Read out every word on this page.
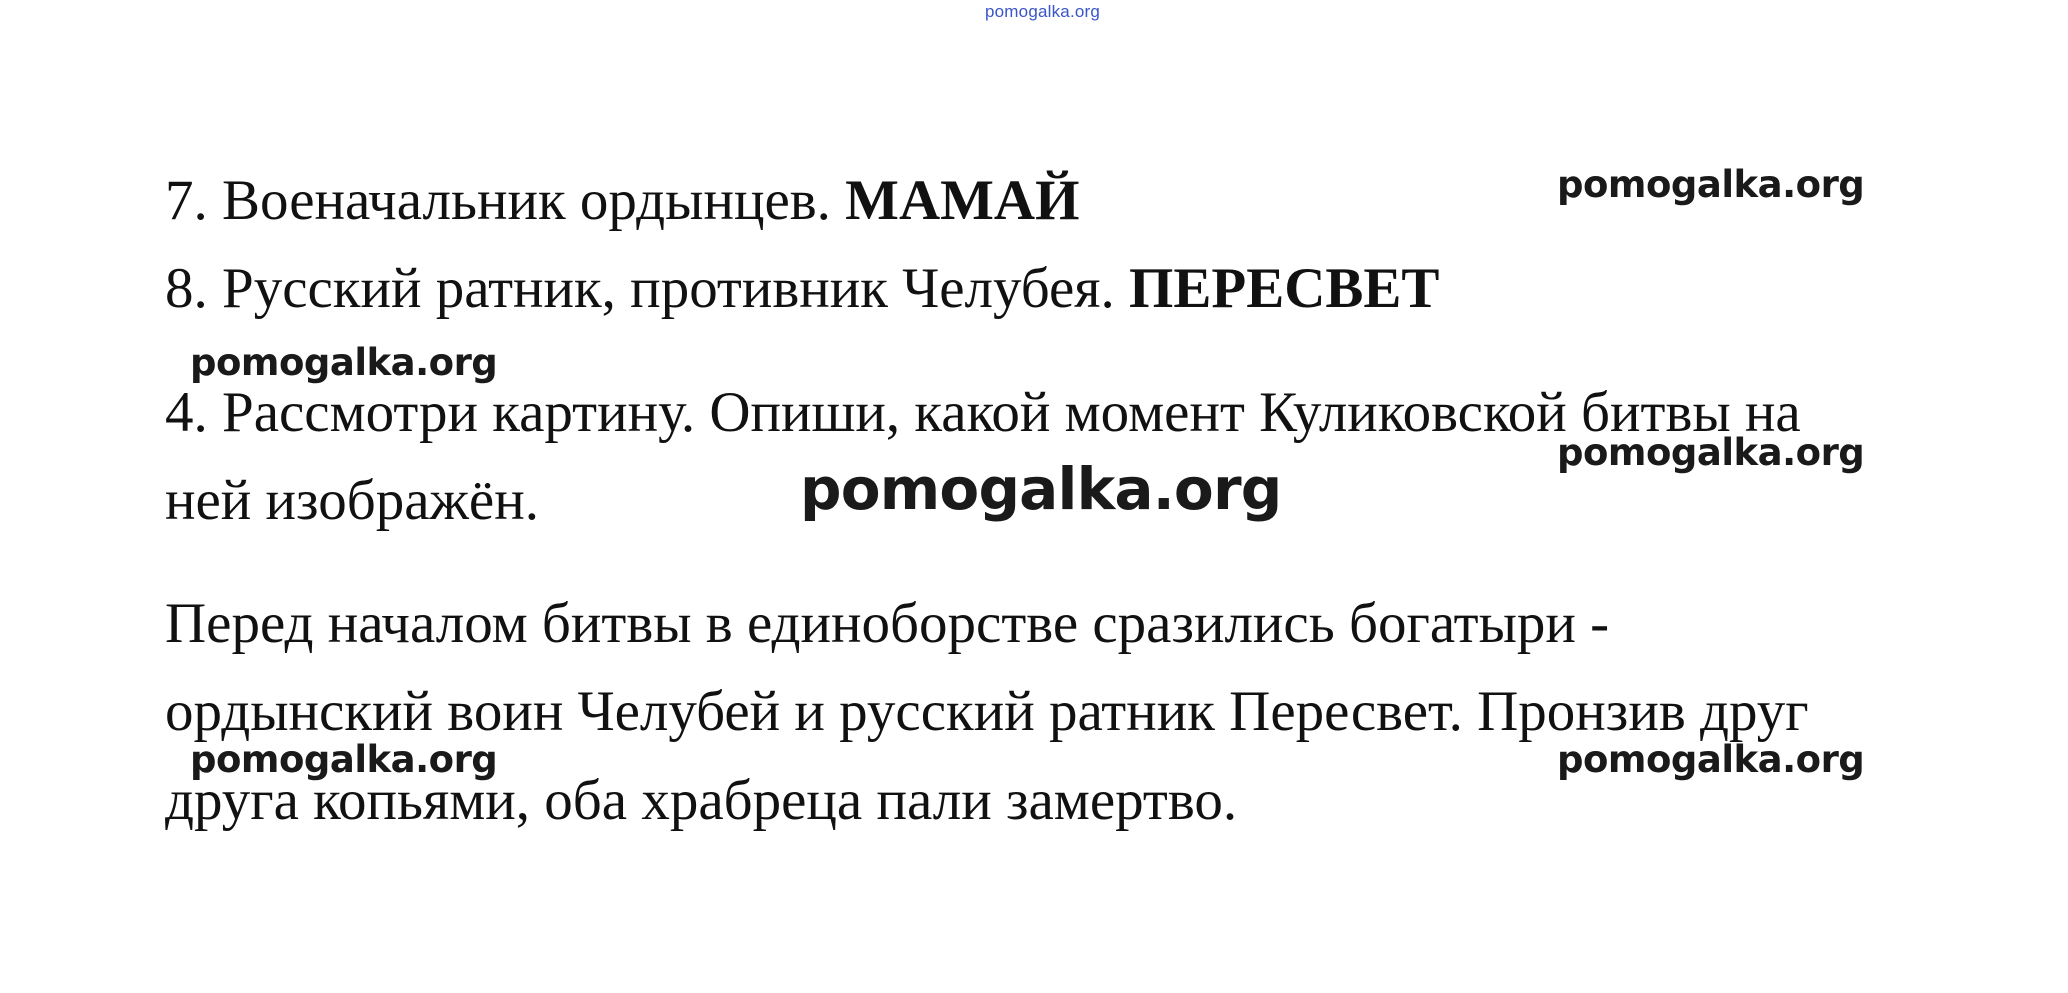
pomogalka.org
7. Военачальник ордынцев. МАМАЙ
8. Русский ратник, противник Челубея. ПЕРЕСВЕТ
4. Рассмотри картину. Опиши, какой момент Куликовской битвы на
ней изображён.
Перед началом битвы в единоборстве сразились богатыри -
ордынский воин Челубей и русский ратник Пересвет. Пронзив друг
друга копьями, оба храбреца пали замертво.
pomogalka.org
pomogalka.org
pomogalka.org
pomogalka.org
pomogalka.org	pomogalka.org
